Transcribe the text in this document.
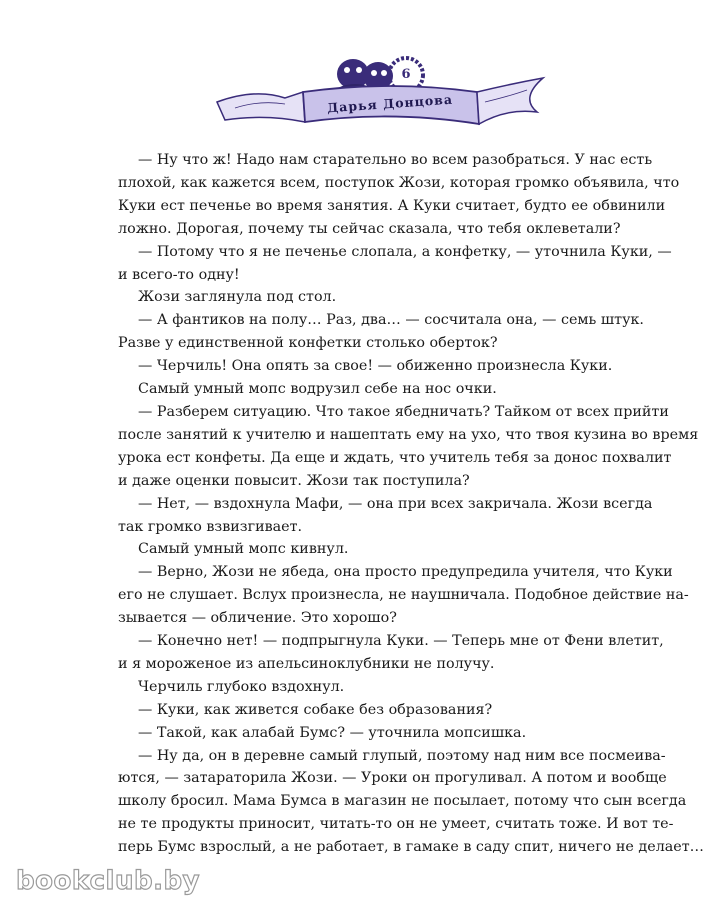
6
Дарья Донцова
— Ну что ж! Надо нам старательно во всем разобраться. У нас есть
плохой, как кажется всем, поступок Жози, которая громко объявила, что
Куки ест печенье во время занятия. А Куки считает, будто ее обвинили
ложно. Дорогая, почему ты сейчас сказала, что тебя оклеветали?
— Потому что я не печенье слопала, а конфетку, — уточнила Куки, —
и всего-то одну!
Жози заглянула под стол.
— А фантиков на полу… Раз, два… — сосчитала она, — семь штук.
Разве у единственной конфетки столько оберток?
— Черчиль! Она опять за свое! — обиженно произнесла Куки.
Самый умный мопс водрузил себе на нос очки.
— Разберем ситуацию. Что такое ябедничать? Тайком от всех прийти
после занятий к учителю и нашептать ему на ухо, что твоя кузина во время
урока ест конфеты. Да еще и ждать, что учитель тебя за донос похвалит
и даже оценки повысит. Жози так поступила?
— Нет, — вздохнула Мафи, — она при всех закричала. Жози всегда
так громко взвизгивает.
Самый умный мопс кивнул.
— Верно, Жози не ябеда, она просто предупредила учителя, что Куки
его не слушает. Вслух произнесла, не наушничала. Подобное действие на-
зывается — обличение. Это хорошо?
— Конечно нет! — подпрыгнула Куки. — Теперь мне от Фени влетит,
и я мороженое из апельсиноклубники не получу.
Черчиль глубоко вздохнул.
— Куки, как живется собаке без образования?
— Такой, как алабай Бумс? — уточнила мопсишка.
— Ну да, он в деревне самый глупый, поэтому над ним все посмеива-
ются, — затараторила Жози. — Уроки он прогуливал. А потом и вообще
школу бросил. Мама Бумса в магазин не посылает, потому что сын всегда
не те продукты приносит, читать-то он не умеет, считать тоже. И вот те-
перь Бумс взрослый, а не работает, в гамаке в саду спит, ничего не делает…
bookclub.by
